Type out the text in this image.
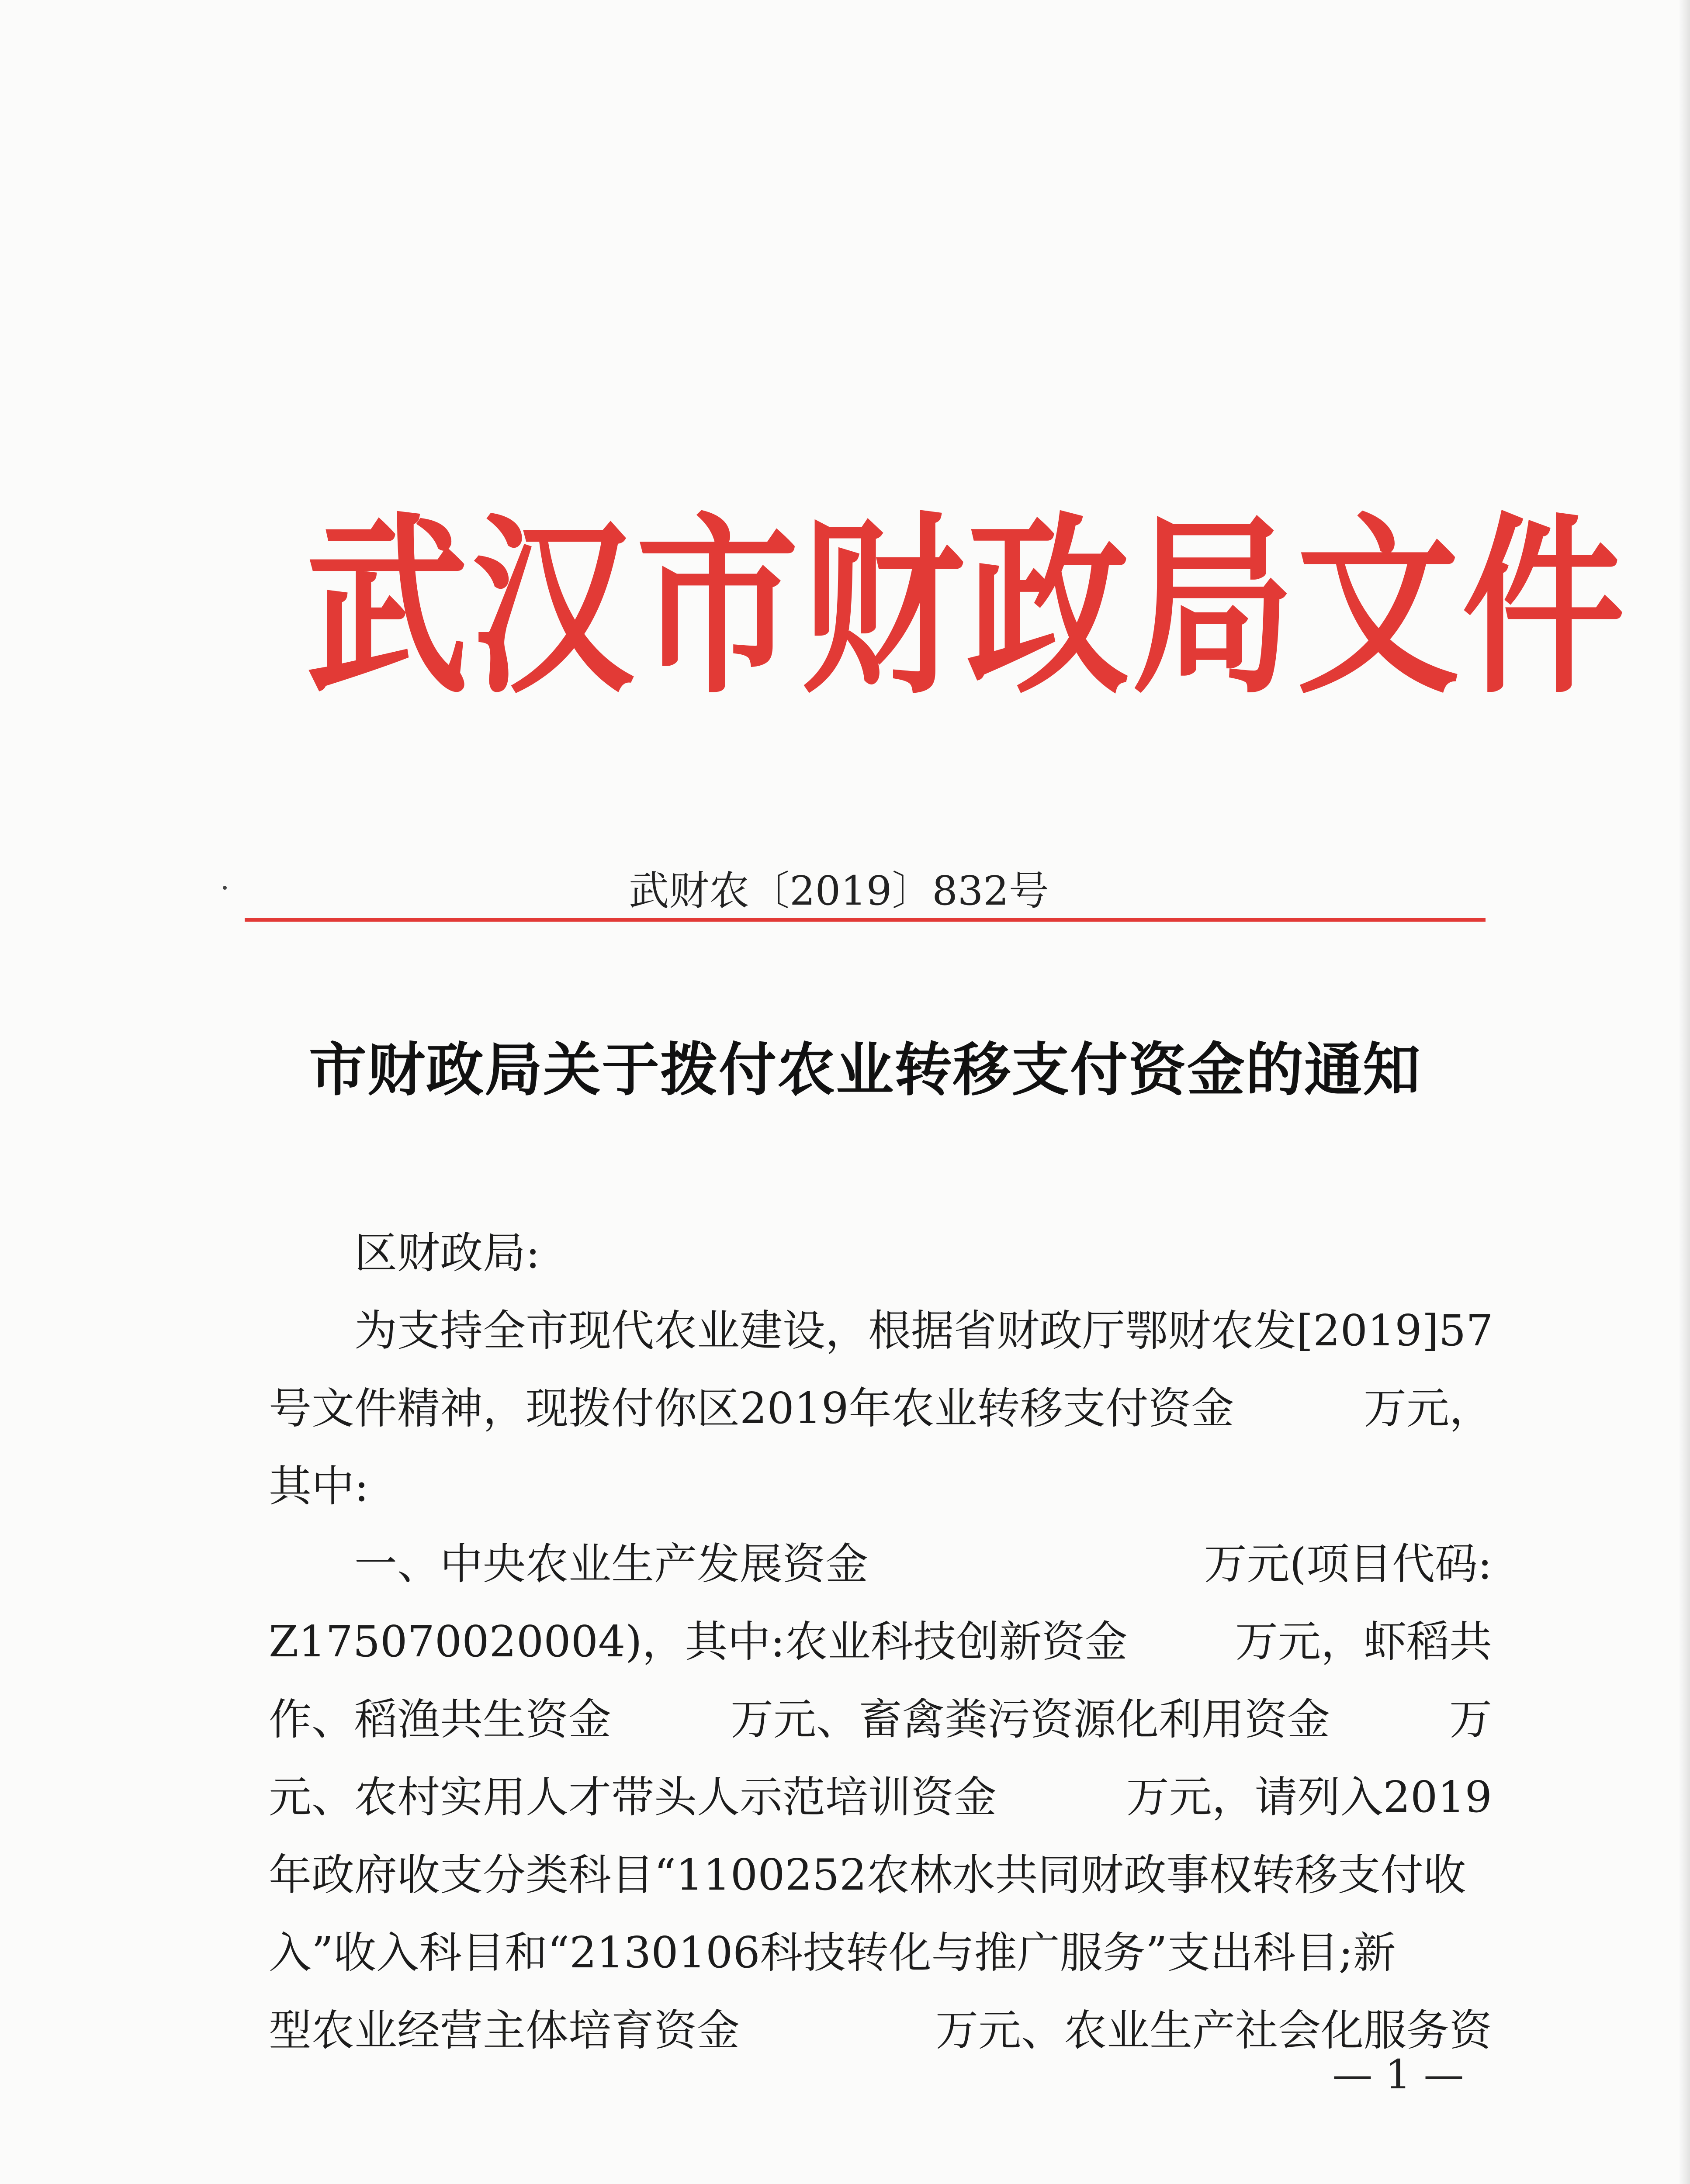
武汉市财政局文件
武财农〔2019〕832号
市财政局关于拨付农业转移支付资金的通知
区财政局:
为支持全市现代农业建设，根据省财政厅鄂财农发[2019]57
号文件精神，现拨付你区2019年农业转移支付资金	万元，
其中:
一、中央农业生产发展资金	万元(项目代码:
Z175070020004)，其中:农业科技创新资金	万元，虾稻共
作、稻渔共生资金	万元、畜禽粪污资源化利用资金	万
元、农村实用人才带头人示范培训资金	万元，请列入2019
年政府收支分类科目“1100252农林水共同财政事权转移支付收
入”收入科目和“2130106科技转化与推广服务”支出科目;新
型农业经营主体培育资金	万元、农业生产社会化服务资
— 1 —
